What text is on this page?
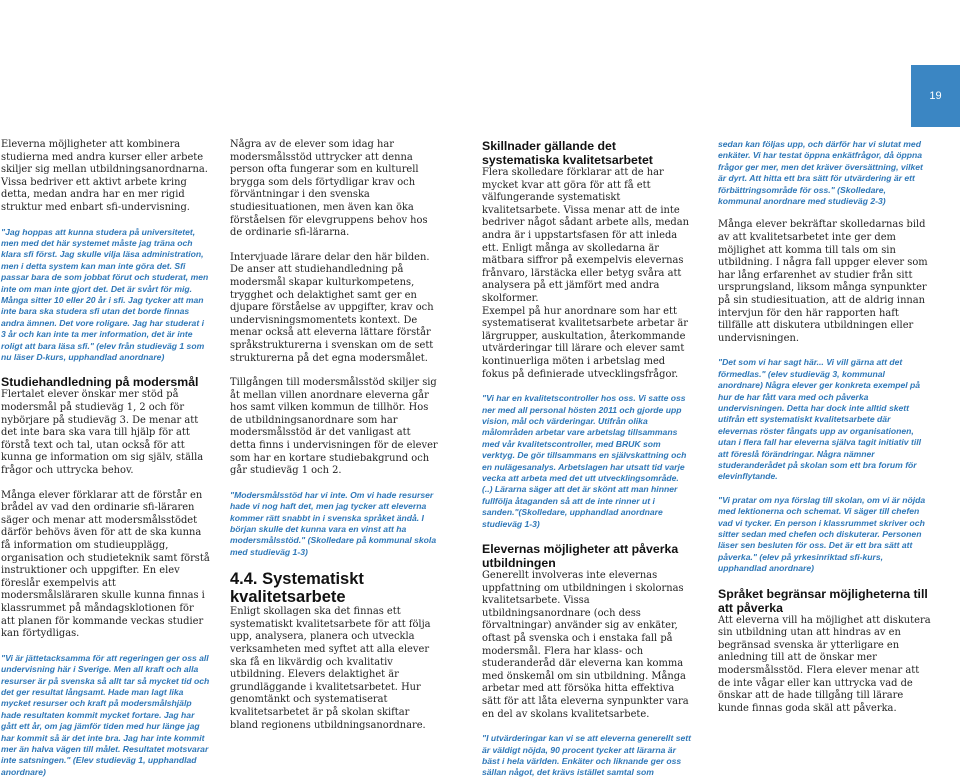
19

Eleverna möjligheter att kombinera studierna med andra kurser eller arbete skiljer sig mellan utbildningsanordnarna. Vissa bedriver ett aktivt arbete kring detta, medan andra har en mer rigid struktur med enbart sfi-undervisning.

"Jag hoppas att kunna studera på universitetet, men med det här systemet måste jag träna och klara sfi först. Jag skulle vilja läsa administration, men i detta system kan man inte göra det. Sfi passar bara de som jobbat förut och studerat, men inte om man inte gjort det. Det är svårt för mig. Många sitter 10 eller 20 år i sfi. Jag tycker att man inte bara ska studera sfi utan det borde finnas andra ämnen. Det vore roligare. Jag har studerat i 3 år och kan inte ta mer information, det är inte roligt att bara läsa sfi." (elev från studieväg 1 som nu läser D-kurs, upphandlad anordnare)

Studiehandledning på modersmål

Flertalet elever önskar mer stöd på modersmål på studieväg 1, 2 och för nybörjare på studieväg 3. De menar att det inte bara ska vara till hjälp för att förstå text och tal, utan också för att kunna ge information om sig själv, ställa frågor och uttrycka behov.

Många elever förklarar att de förstår en brådel av vad den ordinarie sfi-läraren säger och menar att modersmålsstödet därför behövs även för att de ska kunna få information om studieupplägg, organisation och studieteknik samt förstå instruktioner och uppgifter. En elev föreslår exempelvis att modersmålsläraren skulle kunna finnas i klassrummet på måndagsklotionen för att planen för kommande veckas studier kan förtydligas.

"Vi är jättetacksamma för att regeringen ger oss all undervisning här i Sverige. Men all kraft och alla resurser är på svenska så allt tar så mycket tid och det ger resultat långsamt. Hade man lagt lika mycket resurser och kraft på modersmålshjälp hade resultaten kommit mycket fortare. Jag har gått ett år, om jag jämför tiden med hur länge jag har kommit så är det inte bra. Jag har inte kommit mer än halva vägen till målet. Resultatet motsvarar inte satsningen." (Elev studieväg 1, upphandlad anordnare)

Några av de elever som idag har modersmålsstöd uttrycker att denna person ofta fungerar som en kulturell brygga som dels förtydligar krav och förväntningar i den svenska studiesituationen, men även kan öka förståelsen för elevgruppens behov hos de ordinarie sfi-lärarna.

Intervjuade lärare delar den här bilden. De anser att studiehandledning på modersmål skapar kulturkompetens, trygghet och delaktighet samt ger en djupare förståelse av uppgifter, krav och undervisningsmomentets kontext. De menar också att eleverna lättare förstår språkstrukturerna i svenskan om de sett strukturerna på det egna modersmålet.

Tillgången till modersmålsstöd skiljer sig åt mellan villen anordnare eleverna går hos samt vilken kommun de tillhör. Hos de utbildningsanordnare som har modersmålsstöd är det vanligast att detta finns i undervisningen för de elever som har en kortare studiebakgrund och går studieväg 1 och 2.

"Modersmålsstöd har vi inte. Om vi hade resurser hade vi nog haft det, men jag tycker att eleverna kommer rätt snabbt in i svenska språket ändå. I början skulle det kunna vara en vinst att ha modersmålsstöd." (Skolledare på kommunal skola med studieväg 1-3)

4.4. Systematiskt kvalitetsarbete

Enligt skollagen ska det finnas ett systematiskt kvalitetsarbete för att följa upp, analysera, planera och utveckla verksamheten med syftet att alla elever ska få en likvärdig och kvalitativ utbildning. Elevers delaktighet är grundläggande i kvalitetsarbetet. Hur genomtänkt och systematiserat kvalitetsarbetet är på skolan skiftar bland regionens utbildningsanordnare.

Skillnader gällande det systematiska kvalitetsarbetet

Flera skolledare förklarar att de har mycket kvar att göra för att få ett välfungerande systematiskt kvalitetsarbete. Vissa menar att de inte bedriver något sådant arbete alls, medan andra är i uppstartsfasen för att inleda ett. Enligt många av skolledarna är mätbara siffror på exempelvis elevernas frånvaro, lärstäcka eller betyg svåra att analysera på ett jämfört med andra skolformer.

Exempel på hur anordnare som har ett systematiserat kvalitetsarbete arbetar är lärgrupper, auskultation, återkommande utvärderingar till lärare och elever samt kontinuerliga möten i arbetslag med fokus på definierade utvecklingsfrågor.

"Vi har en kvalitetscontroller hos oss. Vi satte oss ner med all personal hösten 2011 och gjorde upp vision, mål och värderingar. Utifrån olika målområden arbetar vare arbetslag tillsammans med vår kvalitetscontroller, med BRUK som verktyg. De gör tillsammans en självskattning och en nulägesanalys. Arbetslagen har utsatt tid varje vecka att arbeta med det utt utvecklingsområde. (..) Lärarna säger att det är skönt att man hinner fullfölja åtaganden så att de inte rinner ut i sanden."(Skolledare, upphandlad anordnare studieväg 1-3)

Elevernas möjligheter att påverka utbildningen

Generellt involveras inte elevernas uppfattning om utbildningen i skolornas kvalitetsarbete. Vissa utbildningsanordnare (och dess förvaltningar) använder sig av enkäter, oftast på svenska och i enstaka fall på modersmål. Flera har klass- och studeranderåd där eleverna kan komma med önskemål om sin utbildning. Många arbetar med att försöka hitta effektiva sätt för att låta eleverna synpunkter vara en del av skolans kvalitetsarbete.

"I utvärderingar kan vi se att eleverna generellt sett är väldigt nöjda, 90 procent tycker att lärarna är bäst i hela världen. Enkäter och liknande ger oss sällan något, det krävs istället samtal som

sedan kan följas upp, och därför har vi slutat med enkäter. Vi har testat öppna enkätfrågor, då öppna frågor ger mer, men det kräver översättning, vilket är dyrt. Att hitta ett bra sätt för utvärdering är ett förbättringsområde för oss." (Skolledare, kommunal anordnare med studieväg 2-3)

Många elever bekräftar skolledarnas bild av att kvalitetsarbetet inte ger dem möjlighet att komma till tals om sin utbildning. I några fall uppger elever som har lång erfarenhet av studier från sitt ursprungsland, liksom många synpunkter på sin studiesituation, att de aldrig innan intervjun för den här rapporten haft tillfälle att diskutera utbildningen eller undervisningen.

"Det som vi har sagt här... Vi vill gärna att det förmedlas." (elev studieväg 3, kommunal anordnare) Några elever ger konkreta exempel på hur de har fått vara med och påverka undervisningen. Detta har dock inte alltid skett utifrån ett systematiskt kvalitetsarbete där elevernas röster fångats upp av organisationen, utan i flera fall har eleverna själva tagit initiativ till att föreslå förändringar. Några nämner studeranderådet på skolan som ett bra forum för elevinflytande.

"Vi pratar om nya förslag till skolan, om vi är nöjda med lektionerna och schemat. Vi säger till chefen vad vi tycker. En person i klassrummet skriver och sitter sedan med chefen och diskuterar. Personen läser sen besluten för oss. Det är ett bra sätt att påverka." (elev på yrkesinriktad sfi-kurs, upphandlad anordnare)

Språket begränsar möjligheterna till att påverka

Att eleverna vill ha möjlighet att diskutera sin utbildning utan att hindras av en begränsad svenska är ytterligare en anledning till att de önskar mer modersmålsstöd. Flera elever menar att de inte vågar eller kan uttrycka vad de önskar att de hade tillgång till lärare kunde finnas goda skäl att påverka.
